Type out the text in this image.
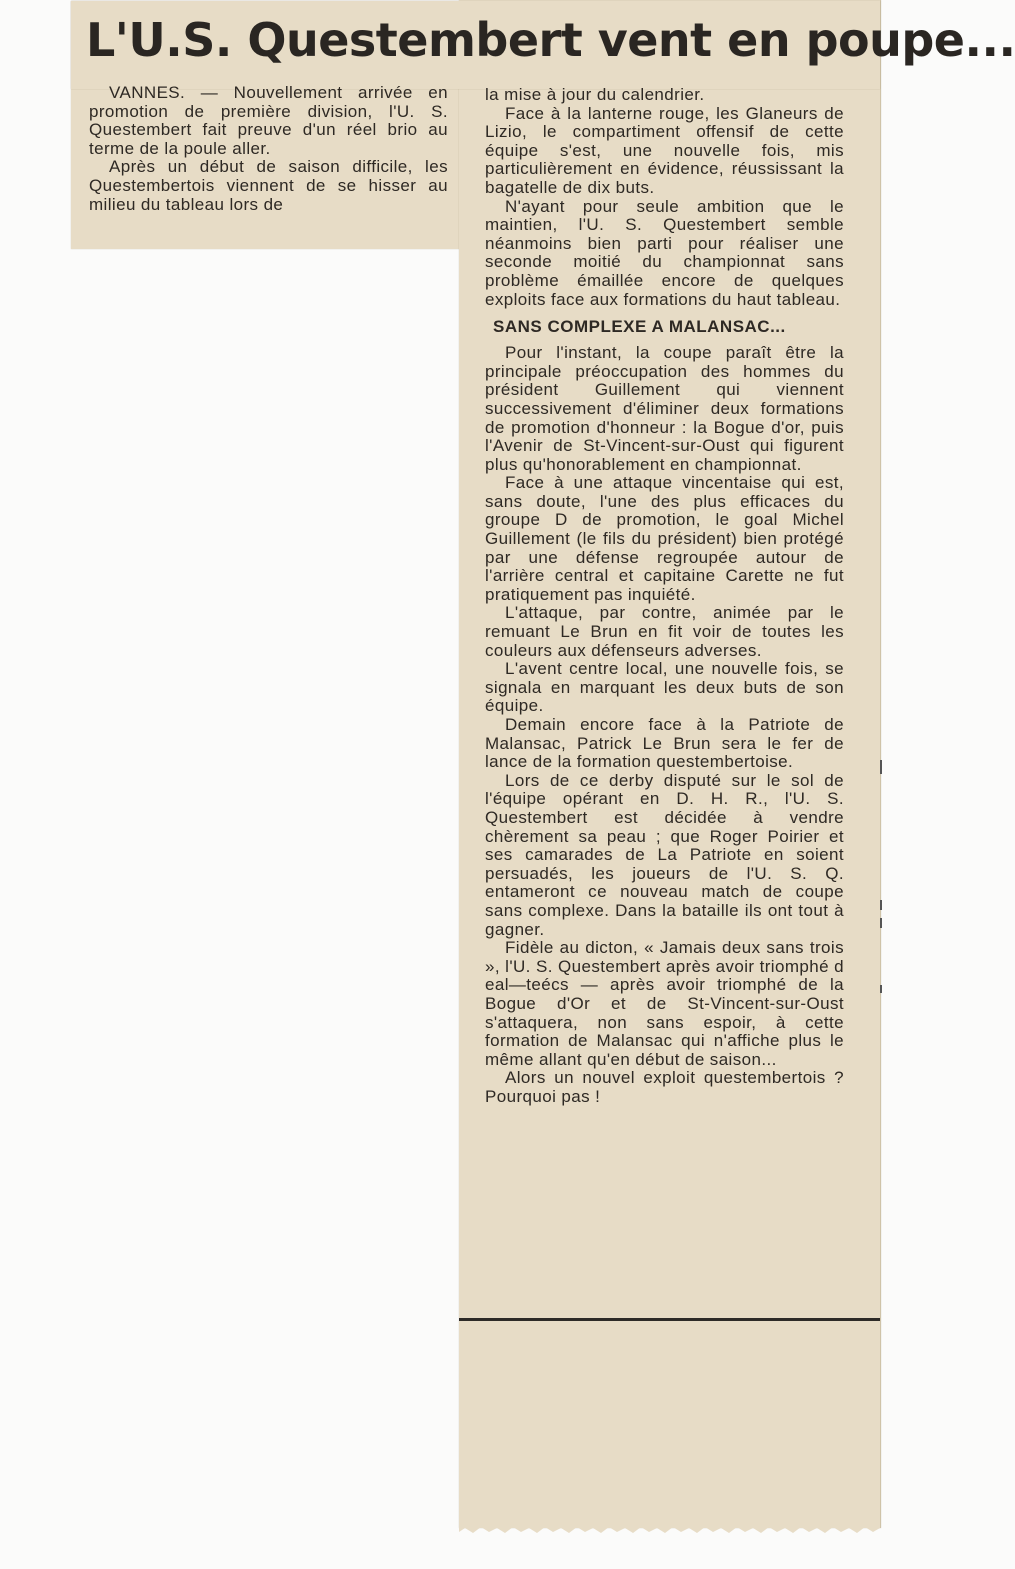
L'U.S. Questembert vent en poupe...

VANNES. — Nouvellement arrivée en promotion de première division, l'U. S. Questembert fait preuve d'un réel brio au terme de la poule aller.

Après un début de saison difficile, les Questembertois viennent de se hisser au milieu du tableau lors de

la mise à jour du calendrier.

Face à la lanterne rouge, les Glaneurs de Lizio, le compartiment offensif de cette équipe s'est, une nouvelle fois, mis particulièrement en évidence, réussissant la bagatelle de dix buts.

N'ayant pour seule ambition que le maintien, l'U. S. Questembert semble néanmoins bien parti pour réaliser une seconde moitié du championnat sans problème émaillée encore de quelques exploits face aux formations du haut tableau.

SANS COMPLEXE A MALANSAC...

Pour l'instant, la coupe paraît être la principale préoccupation des hommes du président Guillement qui viennent successivement d'éliminer deux formations de promotion d'honneur : la Bogue d'or, puis l'Avenir de St-Vincent-sur-Oust qui figurent plus qu'honorablement en championnat.

Face à une attaque vincentaise qui est, sans doute, l'une des plus efficaces du groupe D de promotion, le goal Michel Guillement (le fils du président) bien protégé par une défense regroupée autour de l'arrière central et capitaine Carette ne fut pratiquement pas inquiété.

L'attaque, par contre, animée par le remuant Le Brun en fit voir de toutes les couleurs aux défenseurs adverses.

L'avent centre local, une nouvelle fois, se signala en marquant les deux buts de son équipe.

Demain encore face à la Patriote de Malansac, Patrick Le Brun sera le fer de lance de la formation questembertoise.

Lors de ce derby disputé sur le sol de l'équipe opérant en D. H. R., l'U. S. Questembert est décidée à vendre chèrement sa peau ; que Roger Poirier et ses camarades de La Patriote en soient persuadés, les joueurs de l'U. S. Q. entameront ce nouveau match de coupe sans complexe. Dans la bataille ils ont tout à gagner.

Fidèle au dicton, « Jamais deux sans trois », l'U. S. Questembert après avoir triomphé d eal—teécs — après avoir triomphé de la Bogue d'Or et de St-Vincent-sur-Oust s'attaquera, non sans espoir, à cette formation de Malansac qui n'affiche plus le même allant qu'en début de saison...

Alors un nouvel exploit questembertois ? Pourquoi pas !
